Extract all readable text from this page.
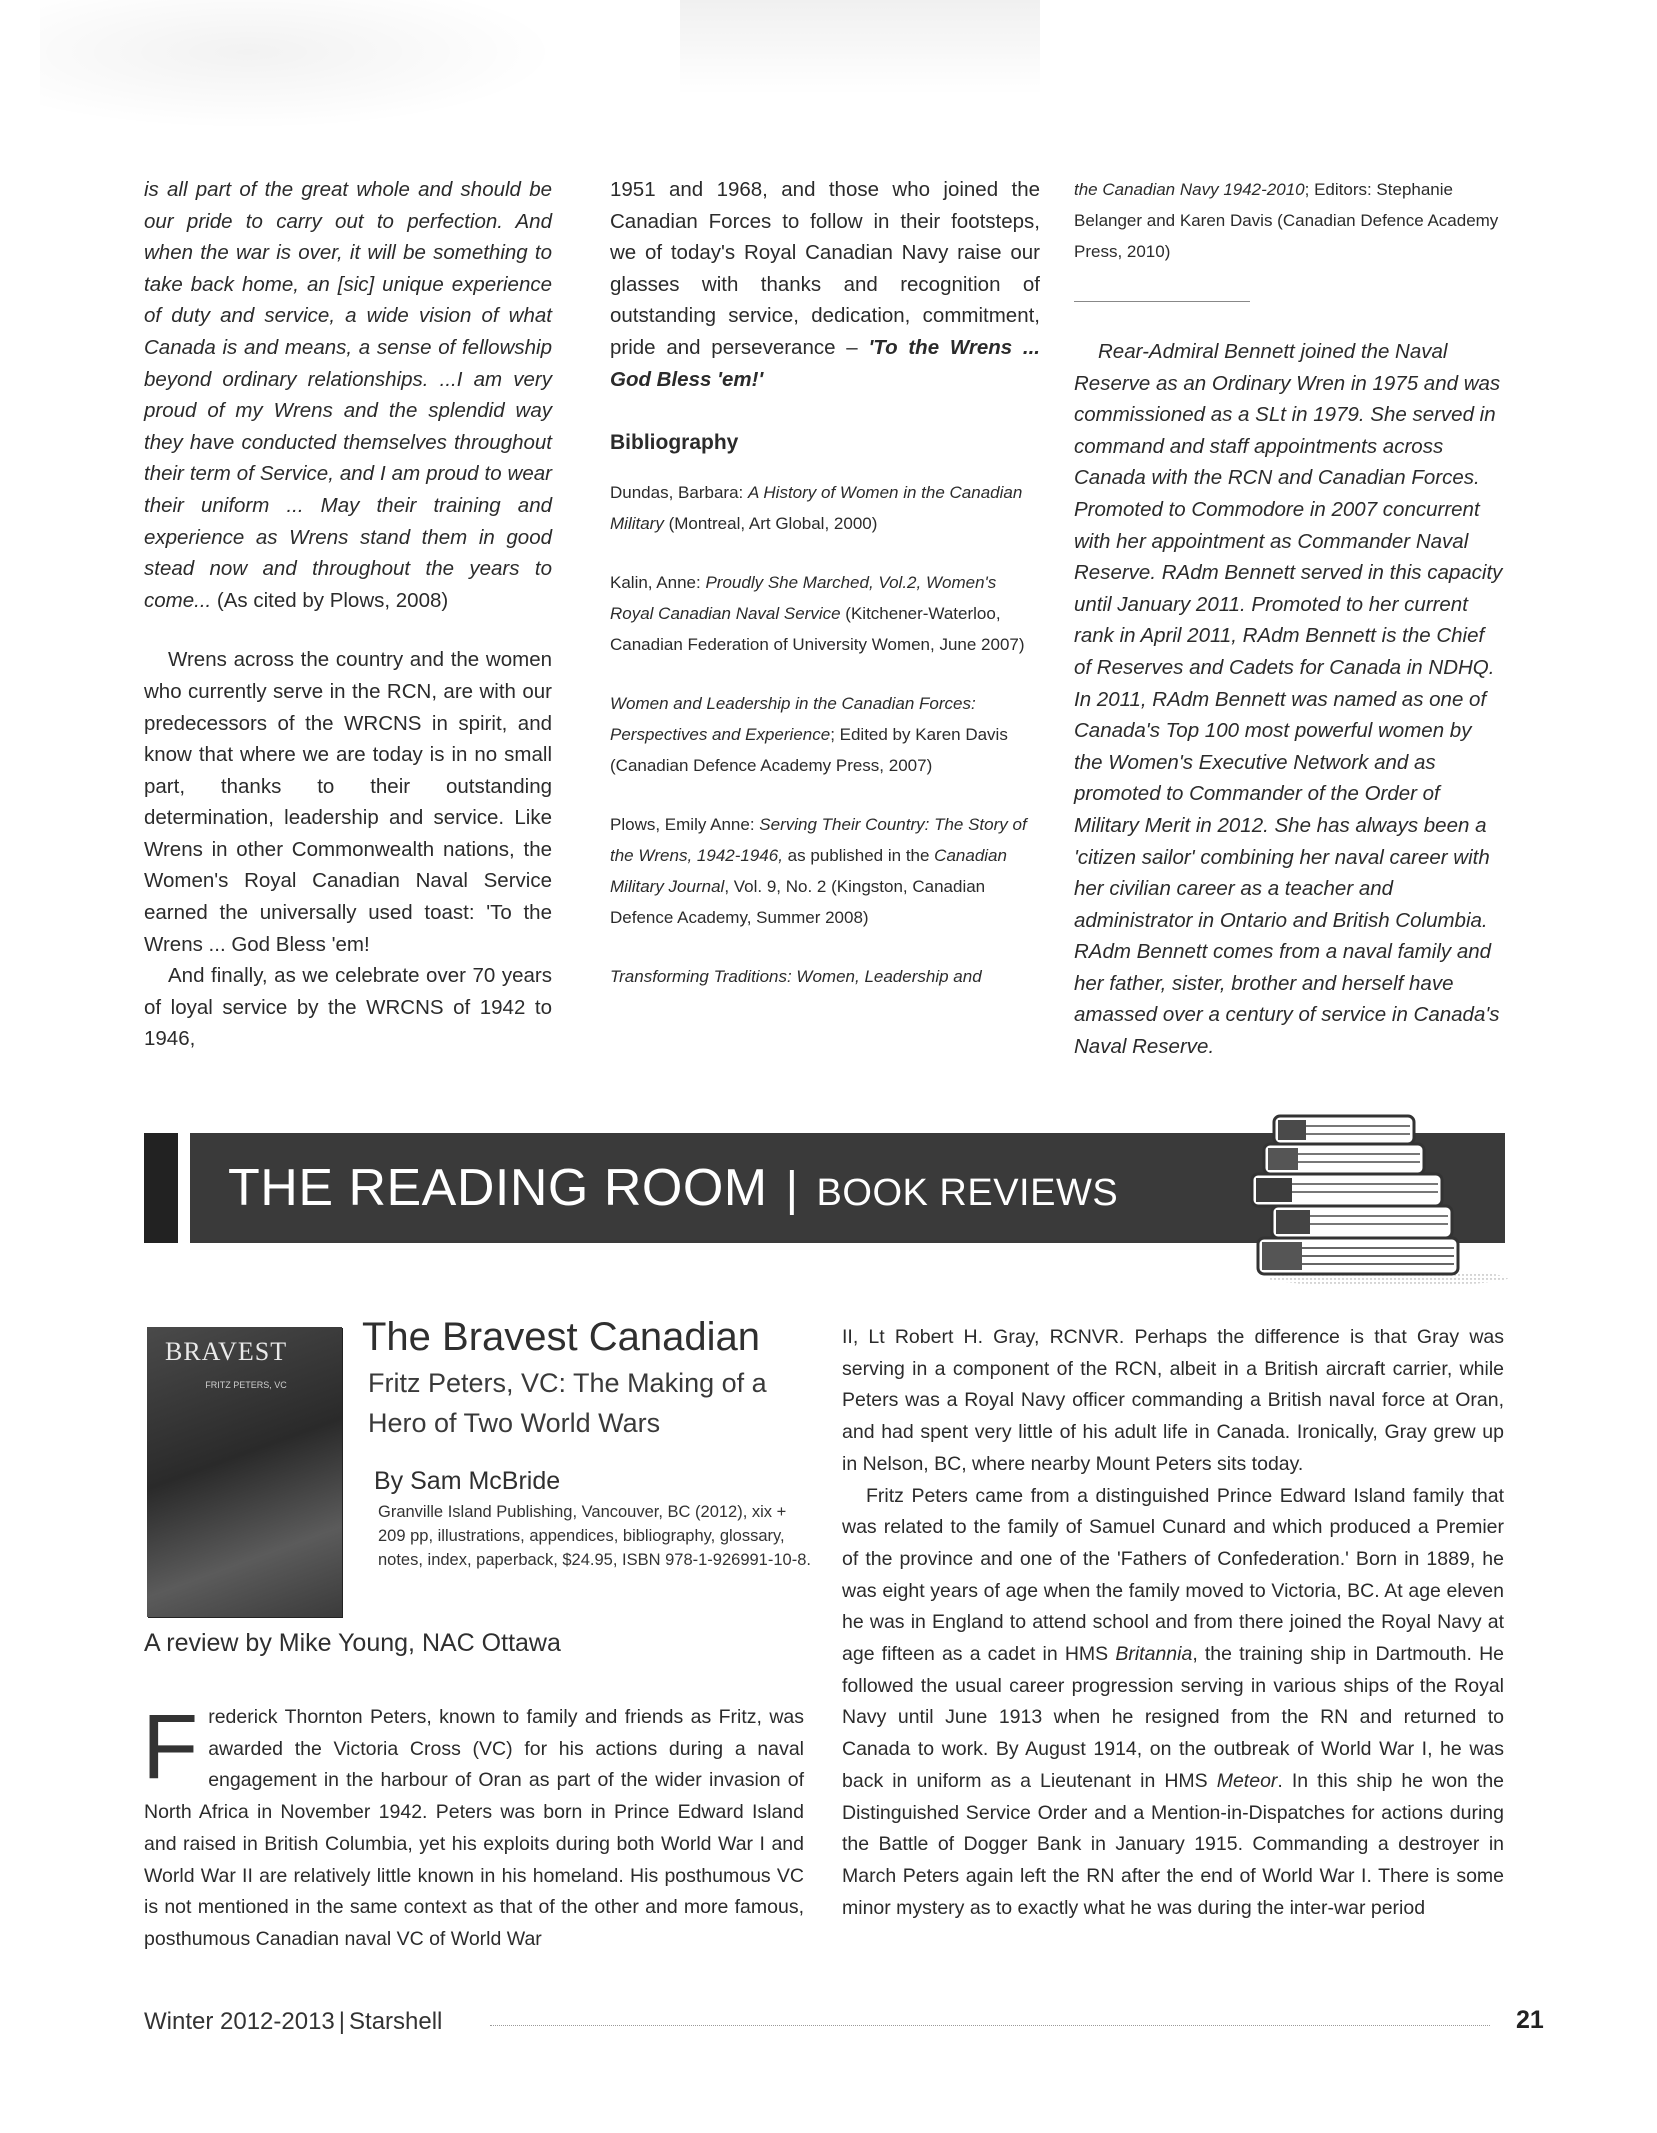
is all part of the great whole and should be our pride to carry out to perfection. And when the war is over, it will be something to take back home, an [sic] unique experience of duty and service, a wide vision of what Canada is and means, a sense of fellowship beyond ordinary relationships. ...I am very proud of my Wrens and the splendid way they have conducted themselves throughout their term of Service, and I am proud to wear their uniform ... May their training and experience as Wrens stand them in good stead now and throughout the years to come... (As cited by Plows, 2008)

Wrens across the country and the women who currently serve in the RCN, are with our predecessors of the WRCNS in spirit, and know that where we are today is in no small part, thanks to their outstanding determination, leadership and service. Like Wrens in other Commonwealth nations, the Women's Royal Canadian Naval Service earned the universally used toast: 'To the Wrens ... God Bless 'em!

And finally, as we celebrate over 70 years of loyal service by the WRCNS of 1942 to 1946,

1951 and 1968, and those who joined the Canadian Forces to follow in their footsteps, we of today's Royal Canadian Navy raise our glasses with thanks and recognition of outstanding service, dedication, commitment, pride and perseverance – 'To the Wrens ... God Bless 'em!'

Bibliography

Dundas, Barbara: A History of Women in the Canadian Military (Montreal, Art Global, 2000)

Kalin, Anne: Proudly She Marched, Vol.2, Women's Royal Canadian Naval Service (Kitchener-Waterloo, Canadian Federation of University Women, June 2007)

Women and Leadership in the Canadian Forces: Perspectives and Experience; Edited by Karen Davis (Canadian Defence Academy Press, 2007)

Plows, Emily Anne: Serving Their Country: The Story of the Wrens, 1942-1946, as published in the Canadian Military Journal, Vol. 9, No. 2 (Kingston, Canadian Defence Academy, Summer 2008)

Transforming Traditions: Women, Leadership and

the Canadian Navy 1942-2010; Editors: Stephanie Belanger and Karen Davis (Canadian Defence Academy Press, 2010)

Rear-Admiral Bennett joined the Naval Reserve as an Ordinary Wren in 1975 and was commissioned as a SLt in 1979. She served in command and staff appointments across Canada with the RCN and Canadian Forces. Promoted to Commodore in 2007 concurrent with her appointment as Commander Naval Reserve. RAdm Bennett served in this capacity until January 2011. Promoted to her current rank in April 2011, RAdm Bennett is the Chief of Reserves and Cadets for Canada in NDHQ. In 2011, RAdm Bennett was named as one of Canada's Top 100 most powerful women by the Women's Executive Network and as promoted to Commander of the Order of Military Merit in 2012. She has always been a 'citizen sailor' combining her naval career with her civilian career as a teacher and administrator in Ontario and British Columbia. RAdm Bennett comes from a naval family and her father, sister, brother and herself have amassed over a century of service in Canada's Naval Reserve.

THE READING ROOM | BOOK REVIEWS
BRAVEST
FRITZ PETERS, VC
The Bravest Canadian
Fritz Peters, VC: The Making of a Hero of Two World Wars
By Sam McBride
Granville Island Publishing, Vancouver, BC (2012), xix + 209 pp, illustrations, appendices, bibliography, glossary, notes, index, paperback, $24.95, ISBN 978-1-926991-10-8.
A review by Mike Young, NAC Ottawa

Frederick Thornton Peters, known to family and friends as Fritz, was awarded the Victoria Cross (VC) for his actions during a naval engagement in the harbour of Oran as part of the wider invasion of North Africa in November 1942. Peters was born in Prince Edward Island and raised in British Columbia, yet his exploits during both World War I and World War II are relatively little known in his homeland. His posthumous VC is not mentioned in the same context as that of the other and more famous, posthumous Canadian naval VC of World War

II, Lt Robert H. Gray, RCNVR. Perhaps the difference is that Gray was serving in a component of the RCN, albeit in a British aircraft carrier, while Peters was a Royal Navy officer commanding a British naval force at Oran, and had spent very little of his adult life in Canada. Ironically, Gray grew up in Nelson, BC, where nearby Mount Peters sits today.

Fritz Peters came from a distinguished Prince Edward Island family that was related to the family of Samuel Cunard and which produced a Premier of the province and one of the 'Fathers of Confederation.' Born in 1889, he was eight years of age when the family moved to Victoria, BC. At age eleven he was in England to attend school and from there joined the Royal Navy at age fifteen as a cadet in HMS Britannia, the training ship in Dartmouth. He followed the usual career progression serving in various ships of the Royal Navy until June 1913 when he resigned from the RN and returned to Canada to work. By August 1914, on the outbreak of World War I, he was back in uniform as a Lieutenant in HMS Meteor. In this ship he won the Distinguished Service Order and a Mention-in-Dispatches for actions during the Battle of Dogger Bank in January 1915. Commanding a destroyer in March Peters again left the RN after the end of World War I. There is some minor mystery as to exactly what he was during the inter-war period

Winter 2012-2013 | Starshell	21
